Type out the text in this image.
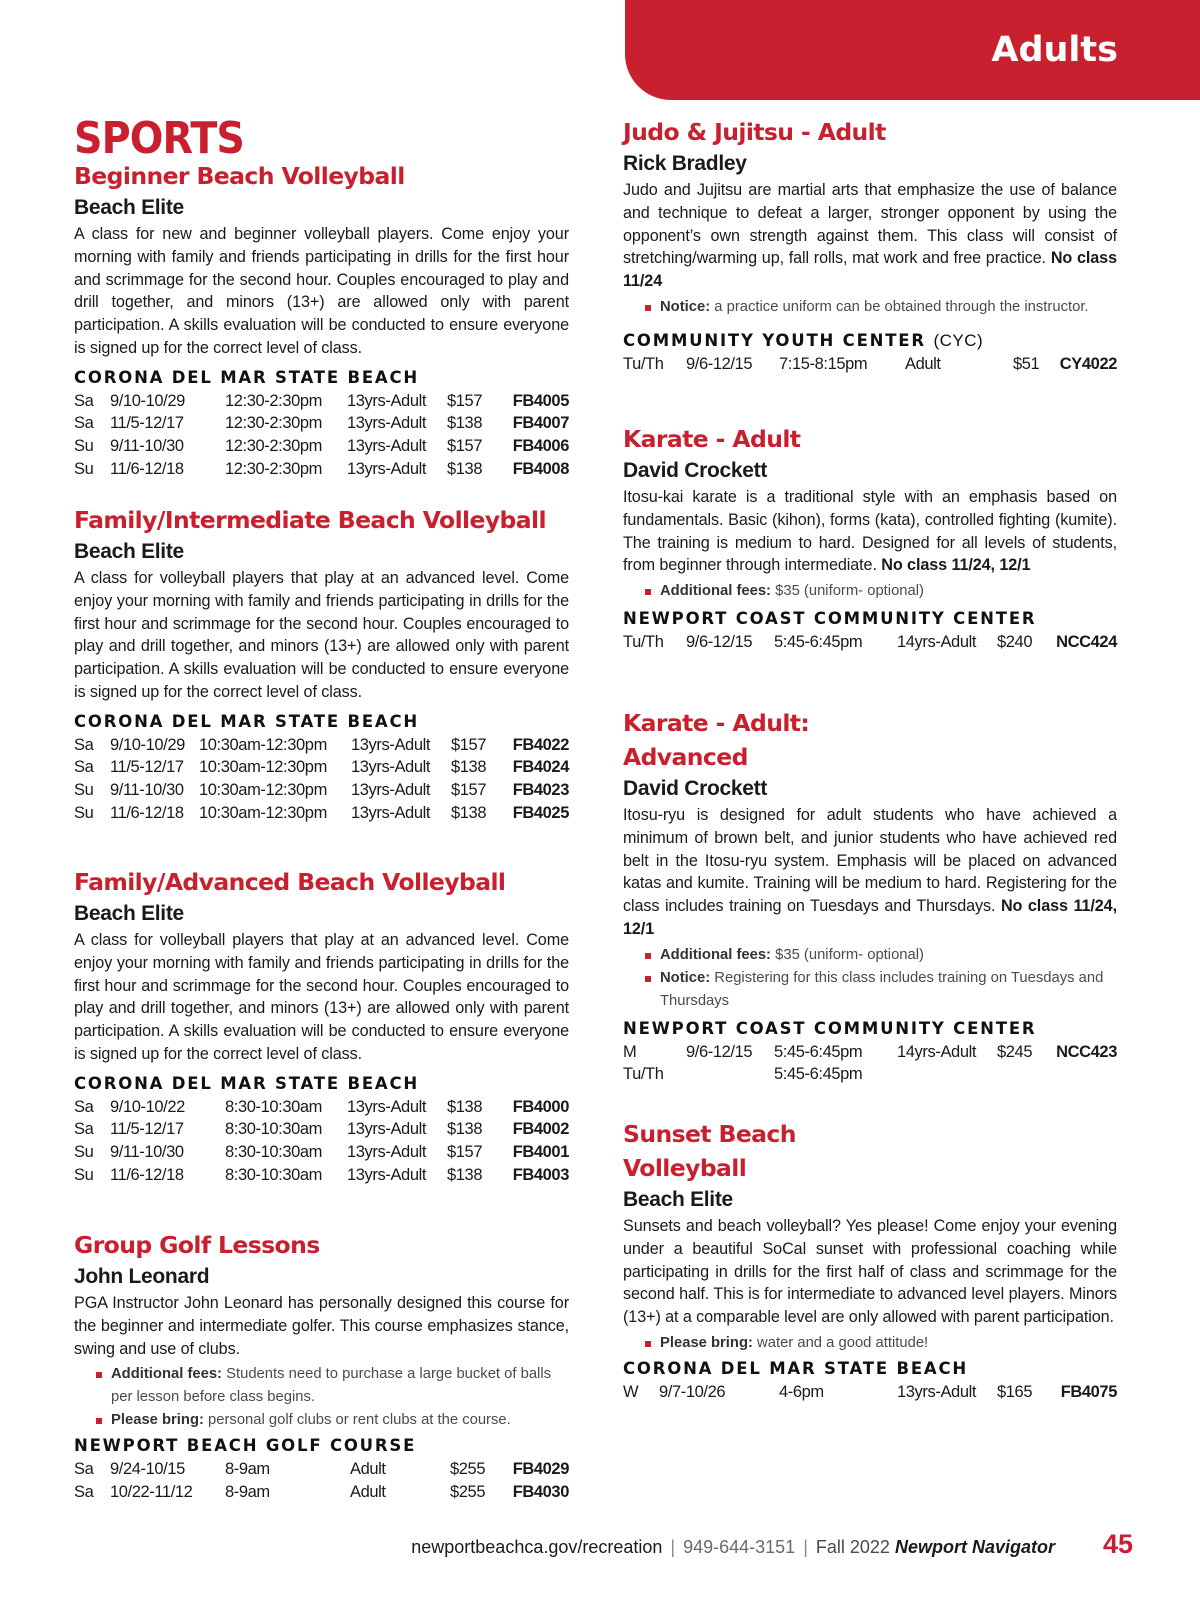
Adults
SPORTS
Beginner Beach Volleyball
Beach Elite
A class for new and beginner volleyball players. Come enjoy your morning with family and friends participating in drills for the first hour and scrimmage for the second hour. Couples encouraged to play and drill together, and minors (13+) are allowed only with parent participation. A skills evaluation will be conducted to ensure everyone is signed up for the correct level of class.
CORONA DEL MAR STATE BEACH
Sa	9/10-10/29	12:30-2:30pm	13yrs-Adult	$157	FB4005
Sa	11/5-12/17	12:30-2:30pm	13yrs-Adult	$138	FB4007
Su	9/11-10/30	12:30-2:30pm	13yrs-Adult	$157	FB4006
Su	11/6-12/18	12:30-2:30pm	13yrs-Adult	$138	FB4008
Family/Intermediate Beach Volleyball
Beach Elite
A class for volleyball players that play at an advanced level. Come enjoy your morning with family and friends participating in drills for the first hour and scrimmage for the second hour. Couples encouraged to play and drill together, and minors (13+) are allowed only with parent participation. A skills evaluation will be conducted to ensure everyone is signed up for the correct level of class.
CORONA DEL MAR STATE BEACH
Sa	9/10-10/29	10:30am-12:30pm	13yrs-Adult	$157	FB4022
Sa	11/5-12/17	10:30am-12:30pm	13yrs-Adult	$138	FB4024
Su	9/11-10/30	10:30am-12:30pm	13yrs-Adult	$157	FB4023
Su	11/6-12/18	10:30am-12:30pm	13yrs-Adult	$138	FB4025
Family/Advanced Beach Volleyball
Beach Elite
A class for volleyball players that play at an advanced level. Come enjoy your morning with family and friends participating in drills for the first hour and scrimmage for the second hour. Couples encouraged to play and drill together, and minors (13+) are allowed only with parent participation. A skills evaluation will be conducted to ensure everyone is signed up for the correct level of class.
CORONA DEL MAR STATE BEACH
Sa	9/10-10/22	8:30-10:30am	13yrs-Adult	$138	FB4000
Sa	11/5-12/17	8:30-10:30am	13yrs-Adult	$138	FB4002
Su	9/11-10/30	8:30-10:30am	13yrs-Adult	$157	FB4001
Su	11/6-12/18	8:30-10:30am	13yrs-Adult	$138	FB4003
Group Golf Lessons
John Leonard
PGA Instructor John Leonard has personally designed this course for the beginner and intermediate golfer. This course emphasizes stance, swing and use of clubs.
Additional fees: Students need to purchase a large bucket of balls per lesson before class begins.
Please bring: personal golf clubs or rent clubs at the course.
NEWPORT BEACH GOLF COURSE
Sa	9/24-10/15	8-9am	Adult	$255	FB4029
Sa	10/22-11/12	8-9am	Adult	$255	FB4030
Judo & Jujitsu - Adult
Rick Bradley
Judo and Jujitsu are martial arts that emphasize the use of balance and technique to defeat a larger, stronger opponent by using the opponent’s own strength against them. This class will consist of stretching/warming up, fall rolls, mat work and free practice. No class 11/24
Notice: a practice uniform can be obtained through the instructor.
COMMUNITY YOUTH CENTER (CYC)
Tu/Th	9/6-12/15	7:15-8:15pm	Adult	$51	CY4022
Karate - Adult
David Crockett
Itosu-kai karate is a traditional style with an emphasis based on fundamentals. Basic (kihon), forms (kata), controlled fighting (kumite). The training is medium to hard. Designed for all levels of students, from beginner through intermediate. No class 11/24, 12/1
Additional fees: $35 (uniform- optional)
NEWPORT COAST COMMUNITY CENTER
Tu/Th	9/6-12/15	5:45-6:45pm	14yrs-Adult	$240	NCC424
Karate - Adult:
Advanced
David Crockett
Itosu-ryu is designed for adult students who have achieved a minimum of brown belt, and junior students who have achieved red belt in the Itosu-ryu system. Emphasis will be placed on advanced katas and kumite. Training will be medium to hard. Registering for the class includes training on Tuesdays and Thursdays. No class 11/24, 12/1
Additional fees: $35 (uniform- optional)
Notice: Registering for this class includes training on Tuesdays and Thursdays
NEWPORT COAST COMMUNITY CENTER
M	9/6-12/15	5:45-6:45pm	14yrs-Adult	$245	NCC423
Tu/Th		5:45-6:45pm			
Sunset Beach
Volleyball
Beach Elite
Sunsets and beach volleyball? Yes please! Come enjoy your evening under a beautiful SoCal sunset with professional coaching while participating in drills for the first half of class and scrimmage for the second half. This is for intermediate to advanced level players. Minors (13+) at a comparable level are only allowed with parent participation.
Please bring: water and a good attitude!
CORONA DEL MAR STATE BEACH
W	9/7-10/26	4-6pm	13yrs-Adult	$165	FB4075
newportbeachca.gov/recreation | 949-644-3151 | Fall 2022 Newport Navigator 45
